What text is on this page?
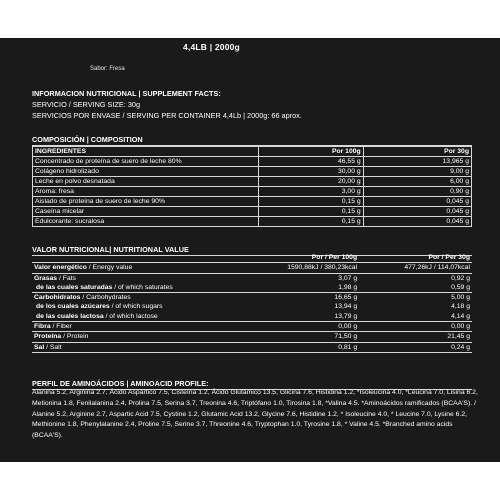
4,4LB | 2000g
Sabor: Fresa
INFORMACION NUTRICIONAL | SUPPLEMENT FACTS:
SERVICIO / SERVING SIZE: 30g
SERVICIOS POR ENVASE / SERVING PER CONTAINER 4,4Lb | 2000g: 66 aprox.
COMPOSICIÓN | COMPOSITION
VALOR NUTRICIONAL| NUTRITIONAL VALUE
PERFIL DE AMINOÁCIDOS | AMINOACID PROFILE:
INGREDIENTES	Por 100g	Por 30g
Concentrado de proteína de suero de leche 80%	46,55 g	13,965 g
Colágeno hidrolizado	30,00 g	9,00 g
Leche en polvo desnatada	20,00 g	6,00 g
Aroma: fresa	3,00 g	0,90 g
Aislado de proteína de suero de leche 90%	0,15 g	0,045 g
Caseína micelar	0,15 g	0,045 g
Edulcorante: sucralosa	0,15 g	0,045 g
	Por / Per 100g	Por / Per 30g
Valor energético / Energy value	1590,88kJ / 380,23kcal	477,26kJ / 114,07kcal
Grasas / Fats	3,07 g	0,92 g
de las cuales saturadas / of which saturates	1,98 g	0,59 g
Carbohidratos / Carbohydrates	16,65 g	5,00 g
de los cuales azúcares / of which sugars	13,94 g	4,18 g
de las cuales lactosa / of which lactose	13,79 g	4,14 g
Fibra / Fiber	0,00 g	0,00 g
Proteína / Protein	71,50 g	21,45 g
Sal / Salt	0,81 g	0,24 g
Alanina 5.2, Arginina 2.7, Ácido Aspártico 7.5, Cisteína 1.2, Ácido Glutámico 13.5, Glicina 7.6, Histidina 1.2, *Isoleucina 4.0, *Leucina 7.0, Lisina 6.2, Metionina 1.8, Fenilalanina 2.4, Prolina 7.5, Serina 3.7, Treonina 4.6, Triptófano 1.0, Tirosina 1.8, *Valina 4.5. *Aminoácidos ramificados (BCAA'S). / Alanine 5.2, Arginine 2.7, Aspartic Acid 7.5, Cystine 1.2, Glutamic Acid 13.2, Glycine 7.6, Histidine 1.2, * Isoleucine 4.0, * Leucine 7.0, Lysine 6.2, Methionine 1.8, Phenylalanine 2.4, Proline 7.5, Serine 3.7, Threonine 4.6, Tryptophan 1.0, Tyrosine 1.8, * Valine 4.5. *Branched amino acids (BCAA'S).
